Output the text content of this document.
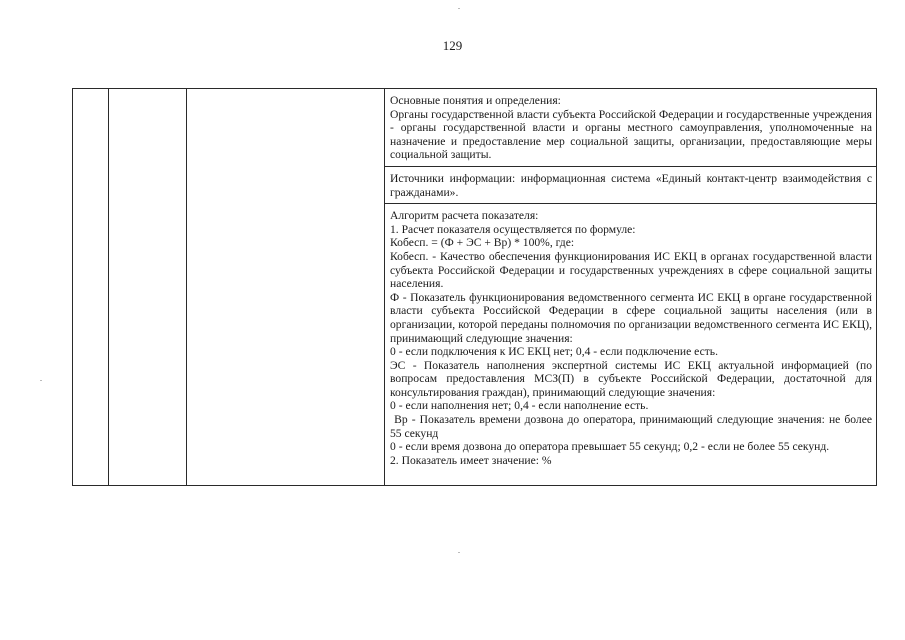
129

Основные понятия и определения:

Органы государственной власти субъекта Российской Федерации и государственные учреждения - органы государственной власти и органы местного самоуправления, уполномоченные на назначение и предоставление мер социальной защиты, организации, предоставляющие меры социальной защиты.

Источники информации: информационная система «Единый контакт-центр взаимодействия с гражданами».

Алгоритм расчета показателя:

1. Расчет показателя осуществляется по формуле:

Кобесп. = (Ф + ЭС + Вр) * 100%, где:

Кобесп. - Качество обеспечения функционирования ИС ЕКЦ в органах государственной власти субъекта Российской Федерации и государственных учреждениях в сфере социальной защиты населения.

Ф - Показатель функционирования ведомственного сегмента ИС ЕКЦ в органе государственной власти субъекта Российской Федерации в сфере социальной защиты населения (или в организации, которой переданы полномочия по организации ведомственного сегмента ИС ЕКЦ), принимающий следующие значения:

0 - если подключения к ИС ЕКЦ нет; 0,4 - если подключение есть.

ЭС - Показатель наполнения экспертной системы ИС ЕКЦ актуальной информацией (по вопросам предоставления МСЗ(П) в субъекте Российской Федерации, достаточной для консультирования граждан), принимающий следующие значения:

0 - если наполнения нет; 0,4 - если наполнение есть.

Вр - Показатель времени дозвона до оператора, принимающий следующие значения: не более 55 секунд

0 - если время дозвона до оператора превышает 55 секунд; 0,2 - если не более 55 секунд.

2. Показатель имеет значение: %
